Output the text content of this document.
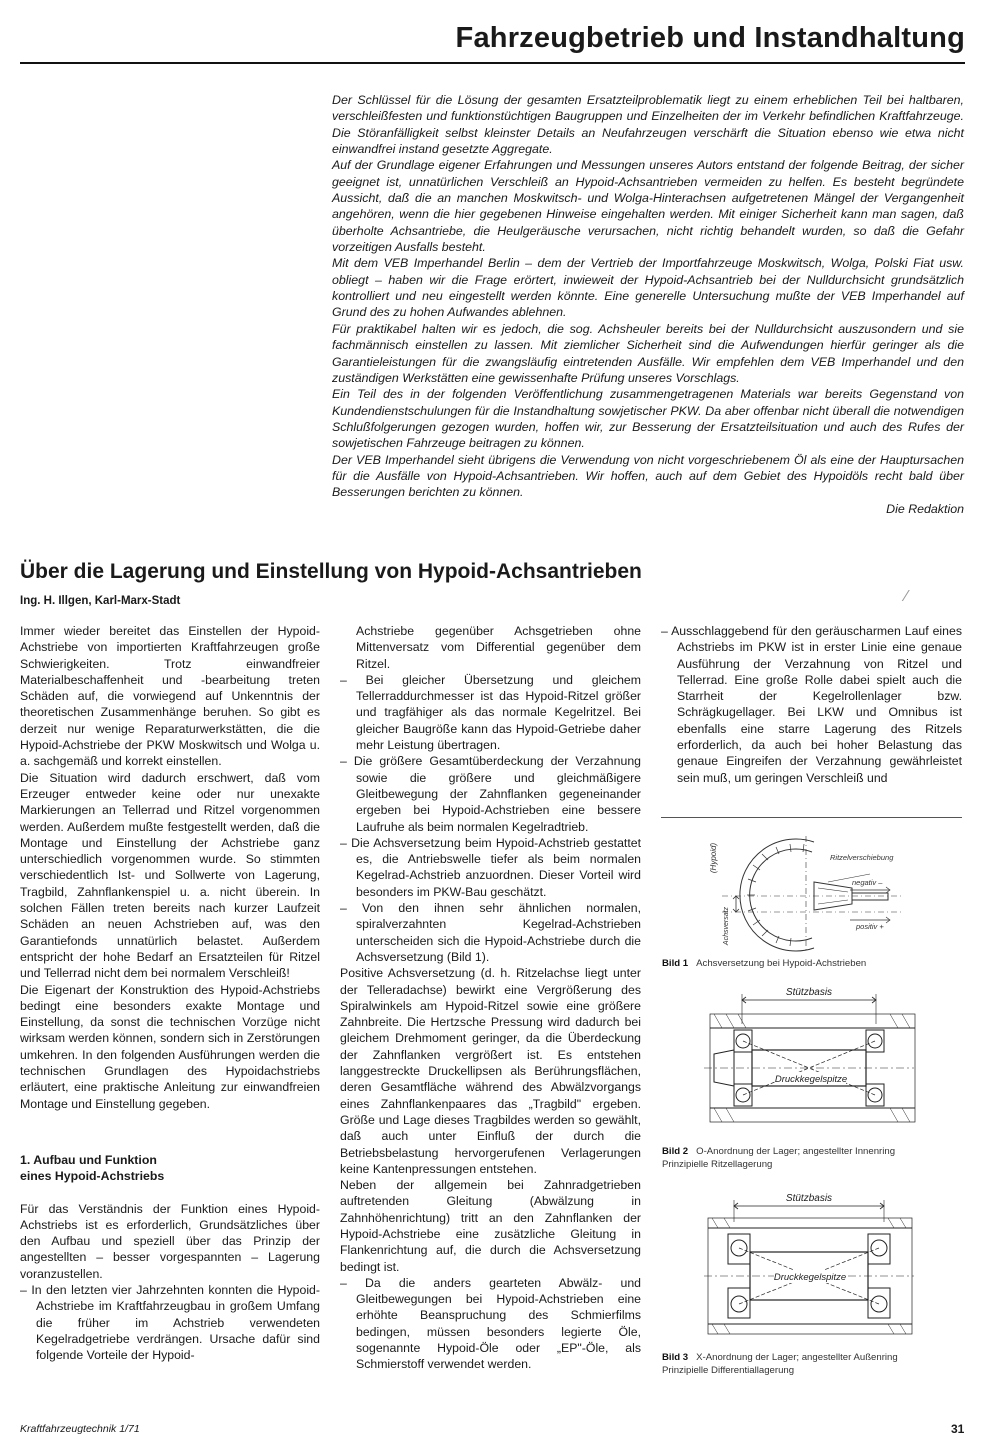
Fahrzeugbetrieb und Instandhaltung

Der Schlüssel für die Lösung der gesamten Ersatzteilproblematik liegt zu einem erheblichen Teil bei haltbaren, verschleißfesten und funktionstüchtigen Baugruppen und Einzelheiten der im Verkehr befindlichen Kraftfahrzeuge. Die Störanfälligkeit selbst kleinster Details an Neufahrzeugen verschärft die Situation ebenso wie etwa nicht einwandfrei instand gesetzte Aggregate.

Auf der Grundlage eigener Erfahrungen und Messungen unseres Autors entstand der folgende Beitrag, der sicher geeignet ist, unnatürlichen Verschleiß an Hypoid-Achsantrieben vermeiden zu helfen. Es besteht begründete Aussicht, daß die an manchen Moskwitsch- und Wolga-Hinterachsen aufgetretenen Mängel der Vergangenheit angehören, wenn die hier gegebenen Hinweise eingehalten werden. Mit einiger Sicherheit kann man sagen, daß überholte Achsantriebe, die Heulgeräusche verursachen, nicht richtig behandelt wurden, so daß die Gefahr vorzeitigen Ausfalls besteht.

Mit dem VEB Imperhandel Berlin – dem der Vertrieb der Importfahrzeuge Moskwitsch, Wolga, Polski Fiat usw. obliegt – haben wir die Frage erörtert, inwieweit der Hypoid-Achsantrieb bei der Nulldurchsicht grundsätzlich kontrolliert und neu eingestellt werden könnte. Eine generelle Untersuchung mußte der VEB Imperhandel auf Grund des zu hohen Aufwandes ablehnen.

Für praktikabel halten wir es jedoch, die sog. Achsheuler bereits bei der Nulldurchsicht auszusondern und sie fachmännisch einstellen zu lassen. Mit ziemlicher Sicherheit sind die Aufwendungen hierfür geringer als die Garantieleistungen für die zwangsläufig eintretenden Ausfälle. Wir empfehlen dem VEB Imperhandel und den zuständigen Werkstätten eine gewissenhafte Prüfung unseres Vorschlags.

Ein Teil des in der folgenden Veröffentlichung zusammengetragenen Materials war bereits Gegenstand von Kundendienstschulungen für die Instandhaltung sowjetischer PKW. Da aber offenbar nicht überall die notwendigen Schlußfolgerungen gezogen wurden, hoffen wir, zur Besserung der Ersatzteilsituation und auch des Rufes der sowjetischen Fahrzeuge beitragen zu können.

Der VEB Imperhandel sieht übrigens die Verwendung von nicht vorgeschriebenem Öl als eine der Hauptursachen für die Ausfälle von Hypoid-Achsantrieben. Wir hoffen, auch auf dem Gebiet des Hypoidöls recht bald über Besserungen berichten zu können.

Die Redaktion

Über die Lagerung und Einstellung von Hypoid-Achsantrieben
Ing. H. Illgen, Karl-Marx-Stadt	⁄

Immer wieder bereitet das Einstellen der Hypoid-Achstriebe von importierten Kraftfahrzeugen große Schwierigkeiten. Trotz einwandfreier Materialbeschaffenheit und -bearbeitung treten Schäden auf, die vorwiegend auf Unkenntnis der theoretischen Zusammenhänge beruhen. So gibt es derzeit nur wenige Reparaturwerkstätten, die die Hypoid-Achstriebe der PKW Moskwitsch und Wolga u. a. sachgemäß und korrekt einstellen.

Die Situation wird dadurch erschwert, daß vom Erzeuger entweder keine oder nur unexakte Markierungen an Tellerrad und Ritzel vorgenommen werden. Außerdem mußte festgestellt werden, daß die Montage und Einstellung der Achstriebe ganz unterschiedlich vorgenommen wurde. So stimmten verschiedentlich Ist- und Sollwerte von Lagerung, Tragbild, Zahnflankenspiel u. a. nicht überein. In solchen Fällen treten bereits nach kurzer Laufzeit Schäden an neuen Achstrieben auf, was den Garantiefonds unnatürlich belastet. Außerdem entspricht der hohe Bedarf an Ersatzteilen für Ritzel und Tellerrad nicht dem bei normalem Verschleiß!

Die Eigenart der Konstruktion des Hypoid-Achstriebs bedingt eine besonders exakte Montage und Einstellung, da sonst die technischen Vorzüge nicht wirksam werden können, sondern sich in Zerstörungen umkehren. In den folgenden Ausführungen werden die technischen Grundlagen des Hypoidachstriebs erläutert, eine praktische Anleitung zur einwandfreien Montage und Einstellung gegeben.

1. Aufbau und Funktion
eines Hypoid-Achstriebs

Für das Verständnis der Funktion eines Hypoid-Achstriebs ist es erforderlich, Grundsätzliches über den Aufbau und speziell über das Prinzip der angestellten – besser vorgespannten – Lagerung voranzustellen.

– In den letzten vier Jahrzehnten konnten die Hypoid-Achstriebe im Kraftfahrzeugbau in großem Umfang die früher im Achstrieb verwendeten Kegelradgetriebe verdrängen. Ursache dafür sind folgende Vorteile der Hypoid-

Achstriebe gegenüber Achsgetrieben ohne Mittenversatz vom Differential gegenüber dem Ritzel.

– Bei gleicher Übersetzung und gleichem Tellerraddurchmesser ist das Hypoid-Ritzel größer und tragfähiger als das normale Kegelritzel. Bei gleicher Baugröße kann das Hypoid-Getriebe daher mehr Leistung übertragen.

– Die größere Gesamtüberdeckung der Verzahnung sowie die größere und gleichmäßigere Gleitbewegung der Zahnflanken gegeneinander ergeben bei Hypoid-Achstrieben eine bessere Laufruhe als beim normalen Kegelradtrieb.

– Die Achsversetzung beim Hypoid-Achstrieb gestattet es, die Antriebswelle tiefer als beim normalen Kegelrad-Achstrieb anzuordnen. Dieser Vorteil wird besonders im PKW-Bau geschätzt.

– Von den ihnen sehr ähnlichen normalen, spiralverzahnten Kegelrad-Achstrieben unterscheiden sich die Hypoid-Achstriebe durch die Achsversetzung (Bild 1).

Positive Achsversetzung (d. h. Ritzelachse liegt unter der Telleradachse) bewirkt eine Vergrößerung des Spiralwinkels am Hypoid-Ritzel sowie eine größere Zahnbreite. Die Hertzsche Pressung wird dadurch bei gleichem Drehmoment geringer, da die Überdeckung der Zahnflanken vergrößert ist. Es entstehen langgestreckte Druckellipsen als Berührungsflächen, deren Gesamtfläche während des Abwälzvorgangs eines Zahnflankenpaares das „Tragbild" ergeben. Größe und Lage dieses Tragbildes werden so gewählt, daß auch unter Einfluß der durch die Betriebsbelastung hervorgerufenen Verlagerungen keine Kantenpressungen entstehen.

Neben der allgemein bei Zahnradgetrieben auftretenden Gleitung (Abwälzung in Zahnhöhenrichtung) tritt an den Zahnflanken der Hypoid-Achstriebe eine zusätzliche Gleitung in Flankenrichtung auf, die durch die Achsversetzung bedingt ist.

– Da die anders gearteten Abwälz- und Gleitbewegungen bei Hypoid-Achstrieben eine erhöhte Beanspruchung des Schmierfilms bedingen, müssen besonders legierte Öle, sogenannte Hypoid-Öle oder „EP"-Öle, als Schmierstoff verwendet werden.

– Ausschlaggebend für den geräuscharmen Lauf eines Achstriebs im PKW ist in erster Linie eine genaue Ausführung der Verzahnung von Ritzel und Tellerrad. Eine große Rolle dabei spielt auch die Starrheit der Kegelrollenlager bzw. Schrägkugellager. Bei LKW und Omnibus ist ebenfalls eine starre Lagerung des Ritzels erforderlich, da auch bei hoher Belastung das genaue Eingreifen der Verzahnung gewährleistet sein muß, um geringen Verschleiß und

(Hypoid)
Achsversatz
Ritzelverschiebung
negativ –
positiv +
Bild 1 Achsversetzung bei Hypoid-Achstrieben
Stützbasis
Druckkegelspitze
Bild 2 O-Anordnung der Lager; angestellter Innenring
Prinzipielle Ritzellagerung
Stützbasis
Druckkegelspitze
Bild 3 X-Anordnung der Lager; angestellter Außenring
Prinzipielle Differentiallagerung
Kraftfahrzeugtechnik 1/71	31
